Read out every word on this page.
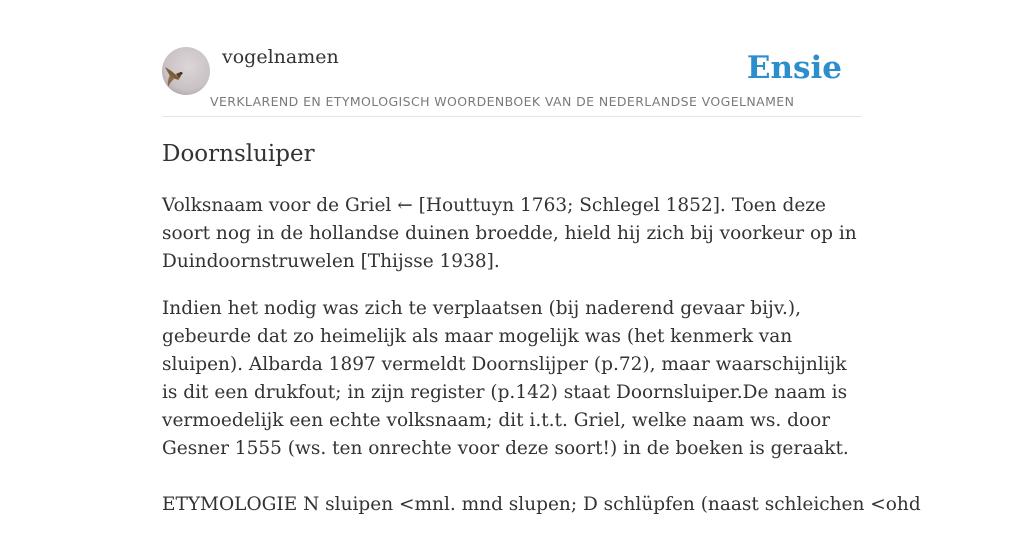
vogelnamen
VERKLAREND EN ETYMOLOGISCH WOORDENBOEK VAN DE NEDERLANDSE VOGELNAMEN
Ensie
Doornsluiper

Volksnaam voor de Griel ← [Houttuyn 1763; Schlegel 1852]. Toen deze soort nog in de hollandse duinen broedde, hield hij zich bij voorkeur op in Duindoornstruwelen [Thijsse 1938].

Indien het nodig was zich te verplaatsen (bij naderend gevaar bijv.), gebeurde dat zo heimelijk als maar mogelijk was (het kenmerk van sluipen). Albarda 1897 vermeldt Doornslijper (p.72), maar waarschijnlijk is dit een drukfout; in zijn register (p.142) staat Doornsluiper.De naam is vermoedelijk een echte volksnaam; dit i.t.t. Griel, welke naam ws. door Gesner 1555 (ws. ten onrechte voor deze soort!) in de boeken is geraakt.

ETYMOLOGIE N sluipen <mnl. mnd slupen; D schlüpfen (naast schleichen <ohd
